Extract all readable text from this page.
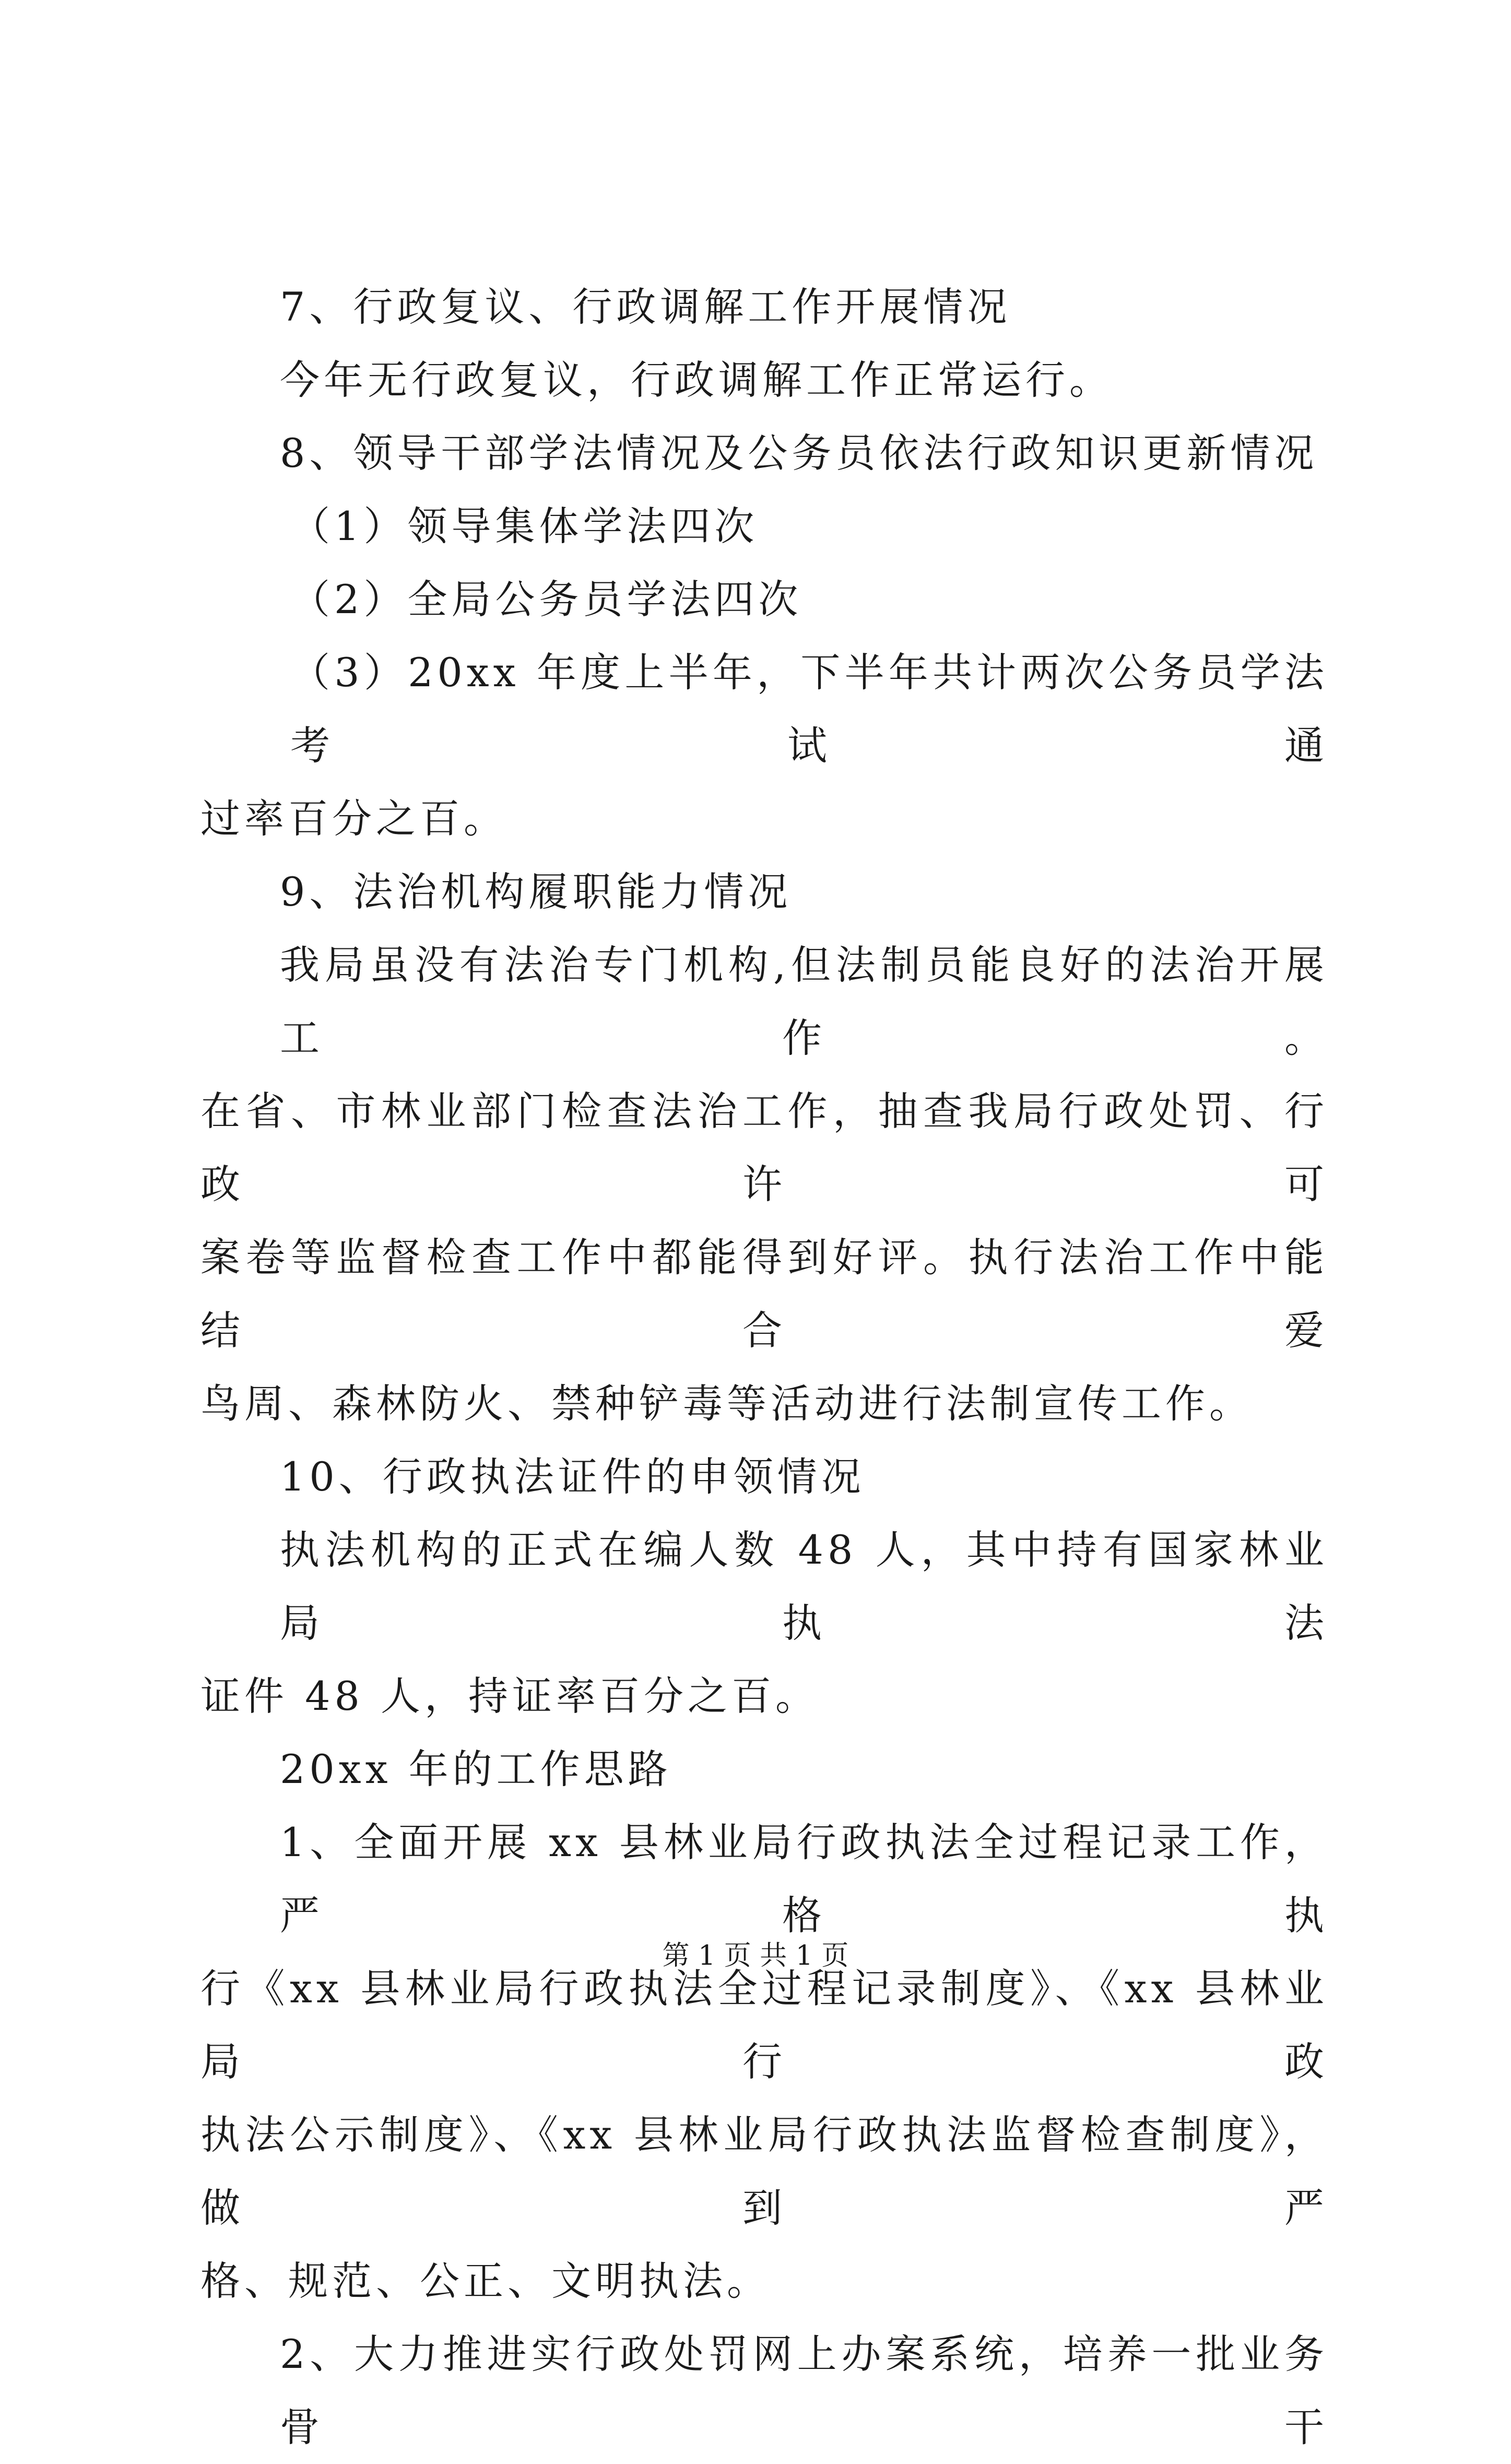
7、行政复议、行政调解工作开展情况

今年无行政复议，行政调解工作正常运行。

8、领导干部学法情况及公务员依法行政知识更新情况

（1）领导集体学法四次

（2）全局公务员学法四次

（3）20xx 年度上半年，下半年共计两次公务员学法考试通

过率百分之百。

9、法治机构履职能力情况

我局虽没有法治专门机构,但法制员能良好的法治开展工作。

在省、市林业部门检查法治工作，抽查我局行政处罚、行政许可

案卷等监督检查工作中都能得到好评。执行法治工作中能结合爱

鸟周、森林防火、禁种铲毒等活动进行法制宣传工作。

10、行政执法证件的申领情况

执法机构的正式在编人数 48 人，其中持有国家林业局执法

证件 48 人，持证率百分之百。

20xx 年的工作思路

1、全面开展 xx 县林业局行政执法全过程记录工作，严格执

行《xx 县林业局行政执法全过程记录制度》、《xx 县林业局行政

执法公示制度》、《xx 县林业局行政执法监督检查制度》，做到严

格、规范、公正、文明执法。

2、大力推进实行政处罚网上办案系统，培养一批业务骨干

第 1 页 共 1 页
